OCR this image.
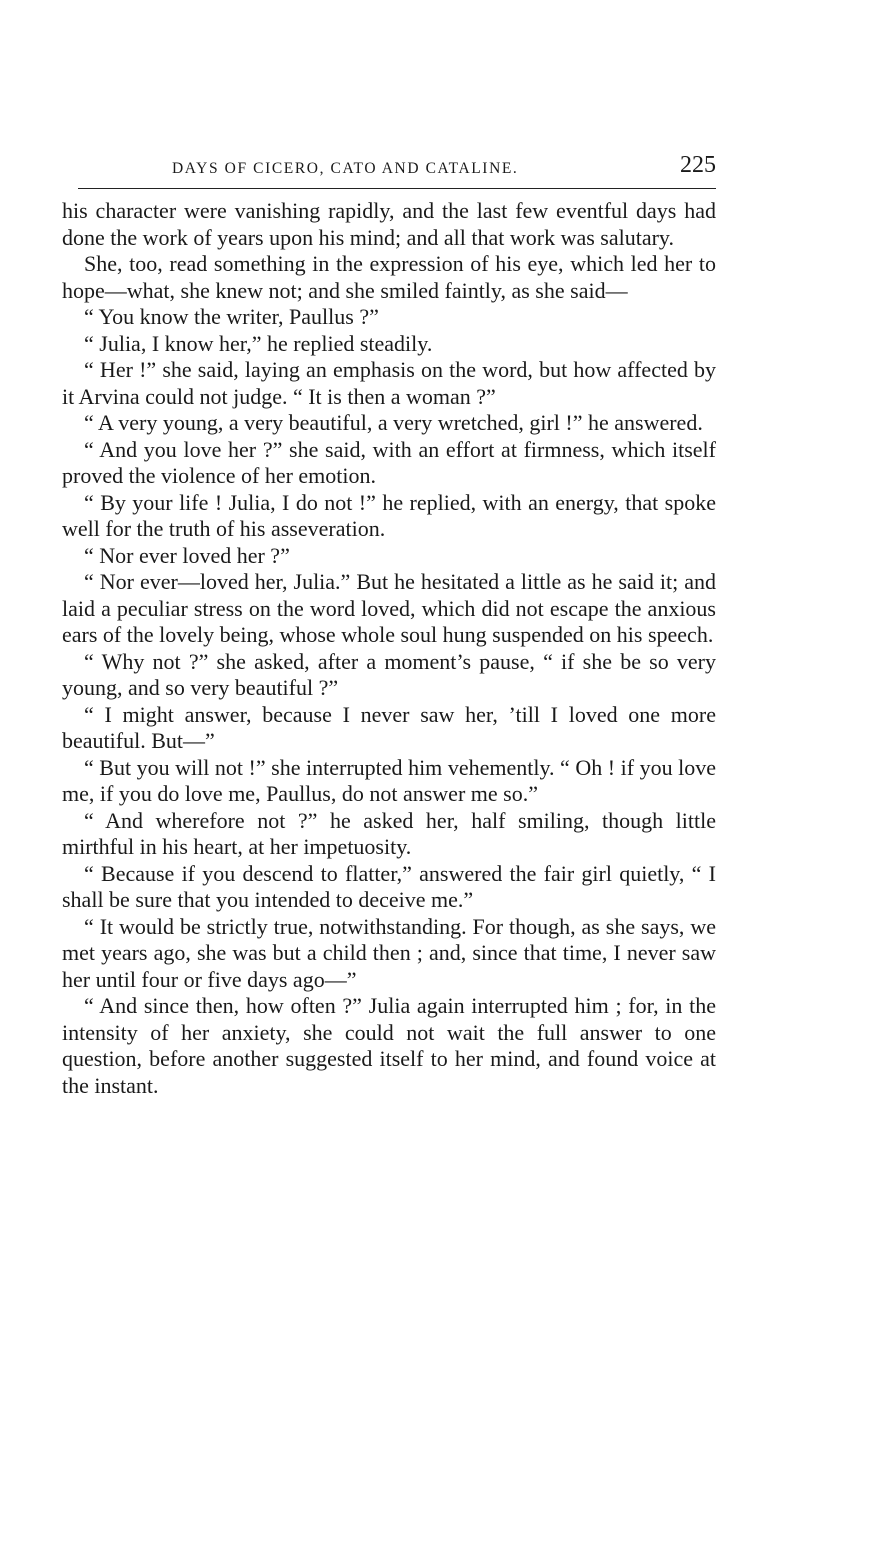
DAYS OF CICERO, CATO AND CATALINE.	225

his character were vanishing rapidly, and the last few eventful days had done the work of years upon his mind; and all that work was salutary.

She, too, read something in the expression of his eye, which led her to hope—what, she knew not; and she smiled faintly, as she said—

“ You know the writer, Paullus ?”

“ Julia, I know her,” he replied steadily.

“ Her !” she said, laying an emphasis on the word, but how affected by it Arvina could not judge. “ It is then a woman ?”

“ A very young, a very beautiful, a very wretched, girl !” he answered.

“ And you love her ?” she said, with an effort at firmness, which itself proved the violence of her emotion.

“ By your life ! Julia, I do not !” he replied, with an energy, that spoke well for the truth of his asseveration.

“ Nor ever loved her ?”

“ Nor ever—loved her, Julia.” But he hesitated a little as he said it; and laid a peculiar stress on the word loved, which did not escape the anxious ears of the lovely being, whose whole soul hung suspended on his speech.

“ Why not ?” she asked, after a moment’s pause, “ if she be so very young, and so very beautiful ?”

“ I might answer, because I never saw her, ’till I loved one more beautiful. But—”

“ But you will not !” she interrupted him vehemently. “ Oh ! if you love me, if you do love me, Paullus, do not answer me so.”

“ And wherefore not ?” he asked her, half smiling, though little mirthful in his heart, at her impetuosity.

“ Because if you descend to flatter,” answered the fair girl quietly, “ I shall be sure that you intended to deceive me.”

“ It would be strictly true, notwithstanding. For though, as she says, we met years ago, she was but a child then ; and, since that time, I never saw her until four or five days ago—”

“ And since then, how often ?” Julia again interrupted him ; for, in the intensity of her anxiety, she could not wait the full answer to one question, before another suggested itself to her mind, and found voice at the instant.
